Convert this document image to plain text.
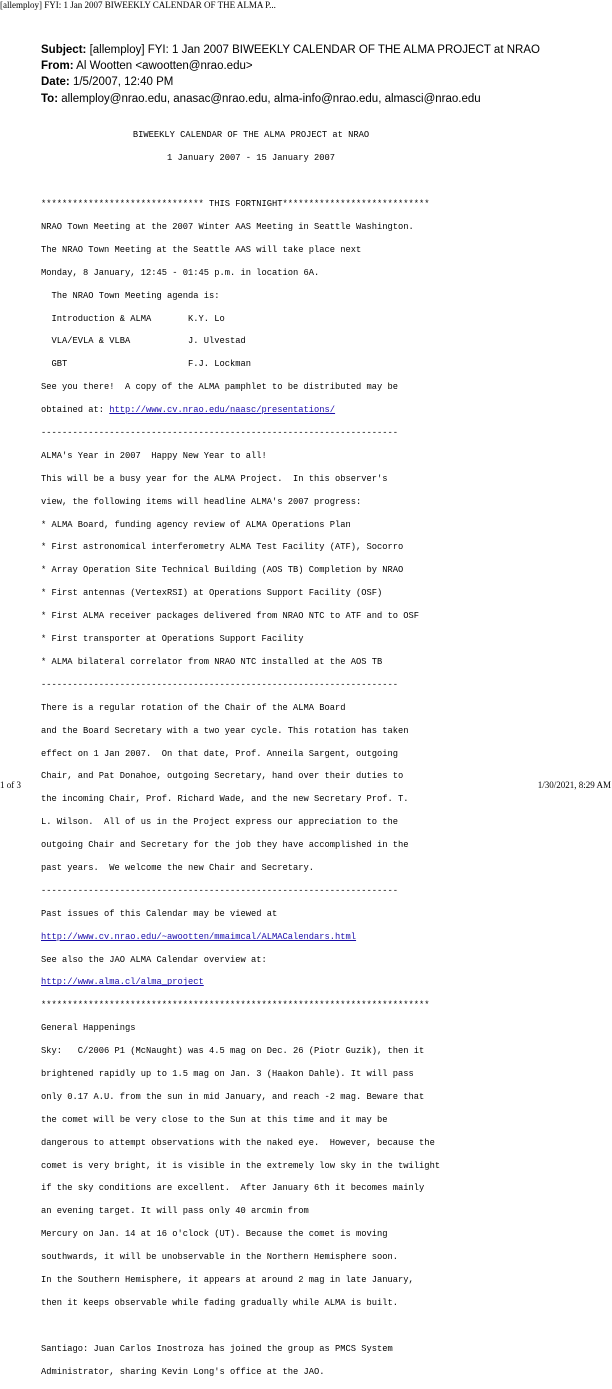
[allemploy] FYI: 1 Jan 2007 BIWEEKLY CALENDAR OF THE ALMA P...
Subject: [allemploy] FYI: 1 Jan 2007 BIWEEKLY CALENDAR OF THE ALMA PROJECT at NRAO
From: Al Wootten <awootten@nrao.edu>
Date: 1/5/2007, 12:40 PM
To: allemploy@nrao.edu, anasac@nrao.edu, alma-info@nrao.edu, almasci@nrao.edu

BIWEEKLY CALENDAR OF THE ALMA PROJECT at NRAO

1 January 2007 - 15 January 2007

******************************* THIS FORTNIGHT****************************

NRAO Town Meeting at the 2007 Winter AAS Meeting in Seattle Washington.

The NRAO Town Meeting at the Seattle AAS will take place next

Monday, 8 January, 12:45 - 01:45 p.m. in location 6A.

The NRAO Town Meeting agenda is:

Introduction & ALMA       K.Y. Lo

VLA/EVLA & VLBA           J. Ulvestad

GBT                       F.J. Lockman

See you there!  A copy of the ALMA pamphlet to be distributed may be

obtained at: http://www.cv.nrao.edu/naasc/presentations/

--------------------------------------------------------------------

ALMA's Year in 2007  Happy New Year to all!

This will be a busy year for the ALMA Project.  In this observer's

view, the following items will headline ALMA's 2007 progress:

* ALMA Board, funding agency review of ALMA Operations Plan

* First astronomical interferometry ALMA Test Facility (ATF), Socorro

* Array Operation Site Technical Building (AOS TB) Completion by NRAO

* First antennas (VertexRSI) at Operations Support Facility (OSF)

* First ALMA receiver packages delivered from NRAO NTC to ATF and to OSF

* First transporter at Operations Support Facility

* ALMA bilateral correlator from NRAO NTC installed at the AOS TB

--------------------------------------------------------------------

There is a regular rotation of the Chair of the ALMA Board

and the Board Secretary with a two year cycle. This rotation has taken

effect on 1 Jan 2007.  On that date, Prof. Anneila Sargent, outgoing

Chair, and Pat Donahoe, outgoing Secretary, hand over their duties to

the incoming Chair, Prof. Richard Wade, and the new Secretary Prof. T.

L. Wilson.  All of us in the Project express our appreciation to the

outgoing Chair and Secretary for the job they have accomplished in the

past years.  We welcome the new Chair and Secretary.

--------------------------------------------------------------------

Past issues of this Calendar may be viewed at

http://www.cv.nrao.edu/~awootten/mmaimcal/ALMACalendars.html

See also the JAO ALMA Calendar overview at:

http://www.alma.cl/alma_project

**************************************************************************

General Happenings

Sky:   C/2006 P1 (McNaught) was 4.5 mag on Dec. 26 (Piotr Guzik), then it

brightened rapidly up to 1.5 mag on Jan. 3 (Haakon Dahle). It will pass

only 0.17 A.U. from the sun in mid January, and reach -2 mag. Beware that

the comet will be very close to the Sun at this time and it may be

dangerous to attempt observations with the naked eye.  However, because the

comet is very bright, it is visible in the extremely low sky in the twilight

if the sky conditions are excellent.  After January 6th it becomes mainly

an evening target. It will pass only 40 arcmin from

Mercury on Jan. 14 at 16 o'clock (UT). Because the comet is moving

southwards, it will be unobservable in the Northern Hemisphere soon.

In the Southern Hemisphere, it appears at around 2 mag in late January,

then it keeps observable while fading gradually while ALMA is built.

Santiago: Juan Carlos Inostroza has joined the group as PMCS System

Administrator, sharing Kevin Long's office at the JAO.

1 of 3	1/30/2021, 8:29 AM
